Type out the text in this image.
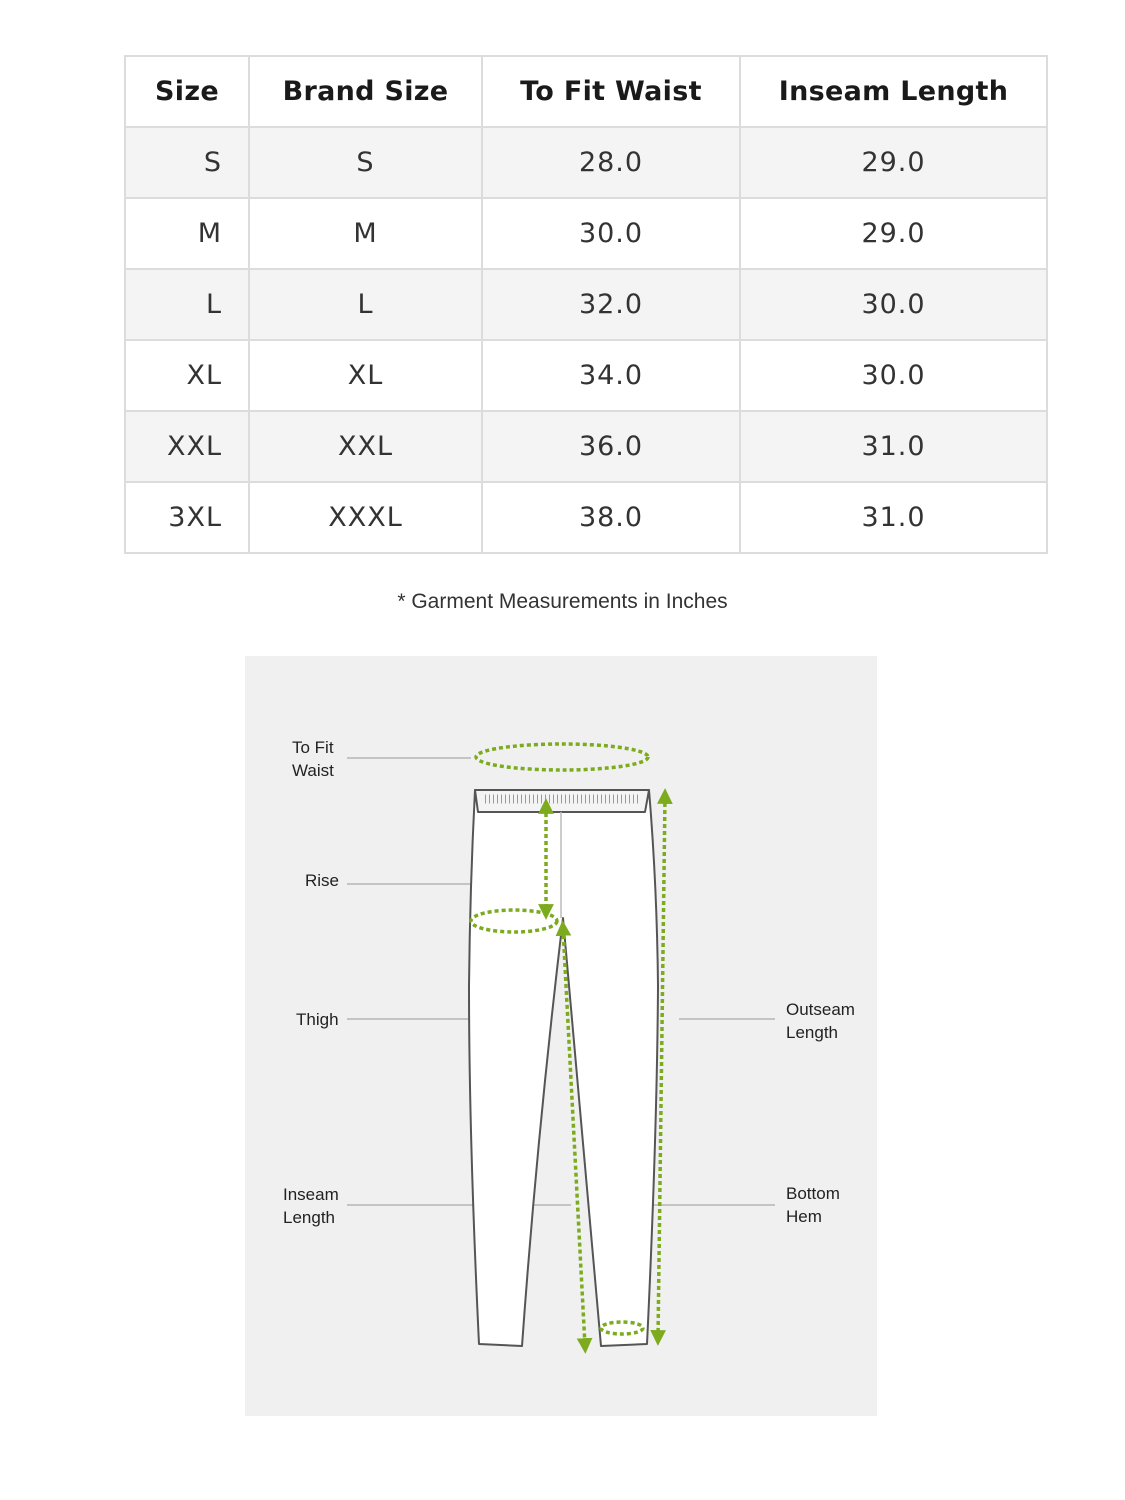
Size	Brand Size	To Fit Waist	Inseam Length
S	S	28.0	29.0
M	M	30.0	29.0
L	L	32.0	30.0
XL	XL	34.0	30.0
XXL	XXL	36.0	31.0
3XL	XXXL	38.0	31.0
* Garment Measurements in Inches
To Fit
Waist
Rise
Thigh
Inseam
Length
Outseam
Length
Bottom
Hem
